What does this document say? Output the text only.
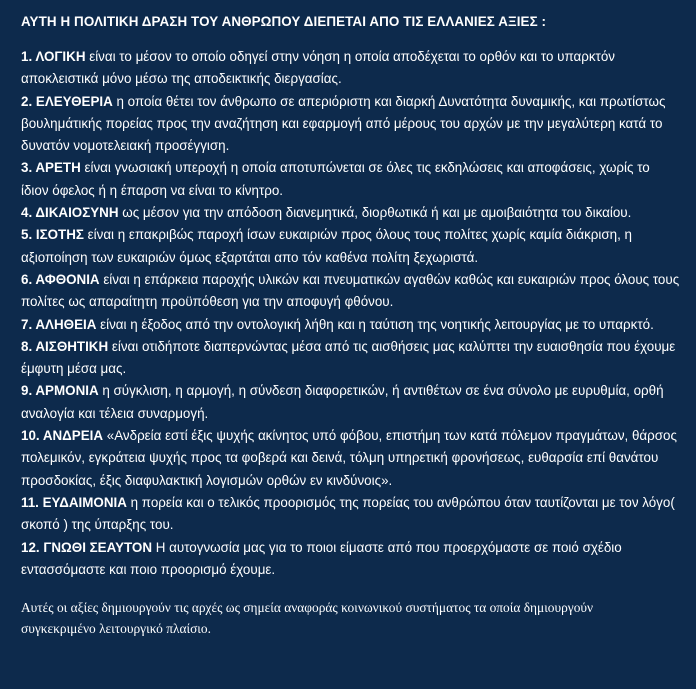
ΑΥΤΗ Η ΠΟΛΙΤΙΚΗ ΔΡΑΣΗ ΤΟΥ ΑΝΘΡΩΠΟΥ ΔΙΕΠΕΤΑΙ ΑΠΟ ΤΙΣ ΕΛΛΑΝΙΕΣ ΑΞΙΕΣ :
1. ΛΟΓΙΚΗ είναι το μέσον το οποίο οδηγεί στην νόηση η οποία αποδέχεται το ορθόν και το υπαρκτόν αποκλειστικά μόνο μέσω της αποδεικτικής διεργασίας.
2. ΕΛΕΥΘΕΡΙΑ η οποία θέτει τον άνθρωπο σε απεριόριστη και διαρκή Δυνατότητα δυναμικής, και πρωτίστως βουλημάτικής πορείας προς την αναζήτηση και εφαρμογή από μέρους του αρχών με την μεγαλύτερη κατά το δυνατόν νομοτελειακή προσέγγιση.
3. ΑΡΕΤΗ είναι γνωσιακή υπεροχή η οποία αποτυπώνεται σε όλες τις εκδηλώσεις και αποφάσεις, χωρίς το ίδιον όφελος ή η έπαρση να είναι το κίνητρο.
4. ΔΙΚΑΙΟΣΥΝΗ ως μέσον για την απόδοση διανεμητικά, διορθωτικά ή και με αμοιβαιότητα του δικαίου.
5. ΙΣΟΤΗΣ είναι η επακριβώς παροχή ίσων ευκαιριών προς όλους τους πολίτες χωρίς καμία διάκριση, η αξιοποίηση των ευκαιριών όμως εξαρτάται απο τόν καθένα πολίτη ξεχωριστά.
6. ΑΦΘΟΝΙΑ είναι η επάρκεια παροχής υλικών και πνευματικών αγαθών καθώς και ευκαιριών προς όλους τους πολίτες ως απαραίτητη προϋπόθεση για την αποφυγή φθόνου.
7. ΑΛΗΘΕΙΑ είναι η έξοδος από την οντολογική λήθη και η ταύτιση της νοητικής λειτουργίας με το υπαρκτό.
8. ΑΙΣΘΗΤΙΚΗ είναι οτιδήποτε διαπερνώντας μέσα από τις αισθήσεις μας καλύπτει την ευαισθησία που έχουμε έμφυτη μέσα μας.
9. ΑΡΜΟΝΙΑ η σύγκλιση, η αρμογή, η σύνδεση διαφορετικών, ή αντιθέτων σε ένα σύνολο με ευρυθμία, ορθή αναλογία και τέλεια συναρμογή.
10. ΑΝΔΡΕΙΑ «Ανδρεία εστί έξις ψυχής ακίνητος υπό φόβου, επιστήμη των κατά πόλεμον πραγμάτων, θάρσος πολεμικόν, εγκράτεια ψυχής προς τα φοβερά και δεινά, τόλμη υπηρετική φρονήσεως, ευθαρσία επί θανάτου προσδοκίας, έξις διαφυλακτική λογισμών ορθών εν κινδύνοις».
11. ΕΥΔΑΙΜΟΝΙΑ η πορεία και ο τελικός προορισμός της πορείας του ανθρώπου όταν ταυτίζονται με τον λόγο( σκοπό ) της ύπαρξης του.
12. ΓΝΩΘΙ ΣΕΑΥΤΟΝ Η αυτογνωσία μας για το ποιοι είμαστε από που προερχόμαστε σε ποιό σχέδιο εντασσόμαστε και ποιο προορισμό έχουμε.
Αυτές οι αξίες δημιουργούν τις αρχές ως σημεία αναφοράς κοινωνικού συστήματος τα οποία δημιουργούν συγκεκριμένο λειτουργικό πλαίσιο.
